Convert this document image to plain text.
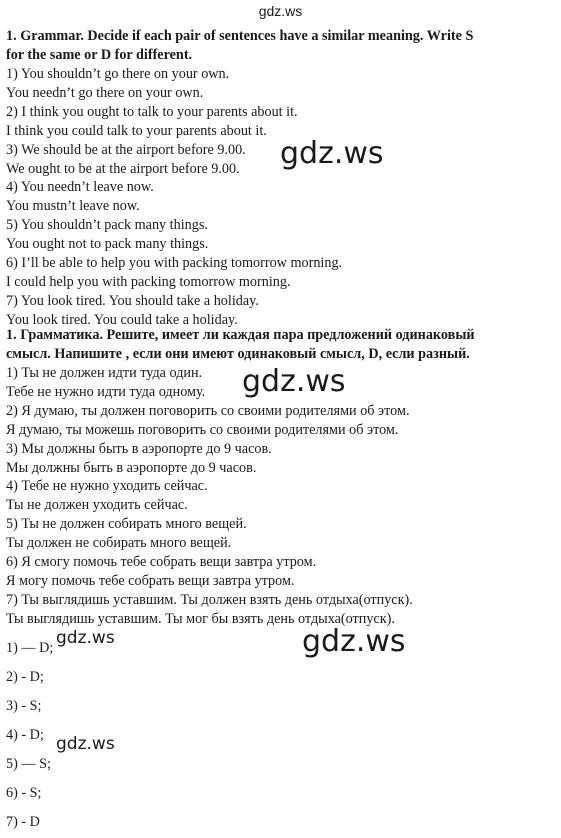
gdz.ws

1. Grammar. Decide if each pair of sentences have a similar meaning. Write S

for the same or D for different.

1) You shouldn’t go there on your own.

You needn’t go there on your own.

2) I think you ought to talk to your parents about it.

I think you could talk to your parents about it.

3) We should be at the airport before 9.00.

We ought to be at the airport before 9.00.

4) You needn’t leave now.

You mustn’t leave now.

5) You shouldn’t pack many things.

You ought not to pack many things.

6) I’ll be able to help you with packing tomorrow morning.

I could help you with packing tomorrow morning.

7) You look tired. You should take a holiday.

You look tired. You could take a holiday.

1. Грамматика. Решите, имеет ли каждая пара предложений одинаковый

смысл. Напишите , если они имеют одинаковый смысл, D, если разный.

1) Ты не должен идти туда один.

Тебе не нужно идти туда одному.

2) Я думаю, ты должен поговорить со своими родителями об этом.

Я думаю, ты можешь поговорить со своими родителями об этом.

3) Мы должны быть в аэропорте до 9 часов.

Мы должны быть в аэропорте до 9 часов.

4) Тебе не нужно уходить сейчас.

Ты не должен уходить сейчас.

5) Ты не должен собирать много вещей.

Ты должен не собирать много вещей.

6) Я смогу помочь тебе собрать вещи завтра утром.

Я могу помочь тебе собрать вещи завтра утром.

7) Ты выглядишь уставшим. Ты должен взять день отдыха(отпуск).

Ты выглядишь уставшим. Ты мог бы взять день отдыха(отпуск).

1) — D;
2) - D;
3) - S;
4) - D;
5) — S;
6) - S;
7) - D
gdz.ws
gdz.ws
gdz.ws
gdz.ws
gdz.ws
